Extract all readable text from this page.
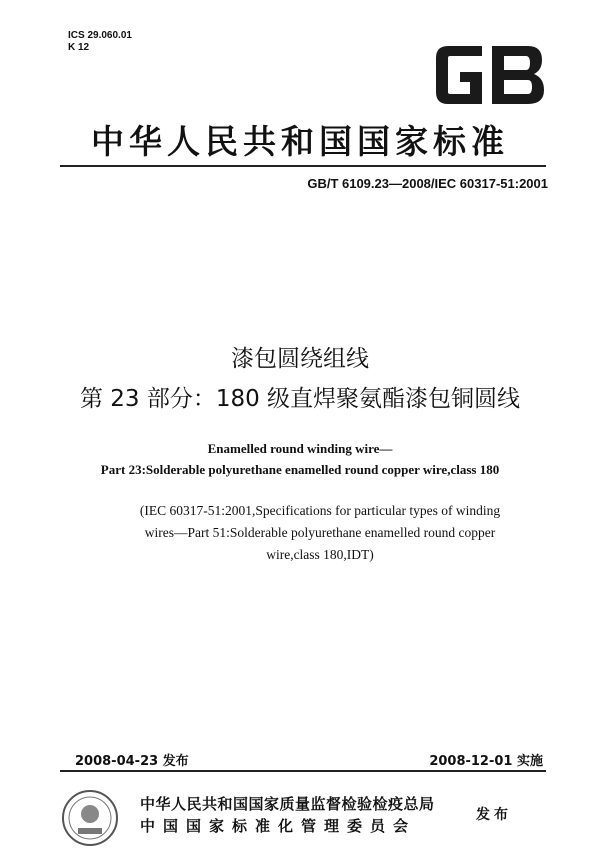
ICS 29.060.01
K 12
GB
中华人民共和国国家标准
GB/T 6109.23—2008/IEC 60317-51:2001
漆包圆绕组线
第 23 部分：180 级直焊聚氨酯漆包铜圆线
Enamelled round winding wire—
Part 23:Solderable polyurethane enamelled round copper wire,class 180
(IEC 60317-51:2001,Specifications for particular types of winding
wires—Part 51:Solderable polyurethane enamelled round copper
wire,class 180,IDT)
2008-04-23 发布	2008-12-01 实施
中华人民共和国国家质量监督检验检疫总局
中国国家标准化管理委员会
发布
